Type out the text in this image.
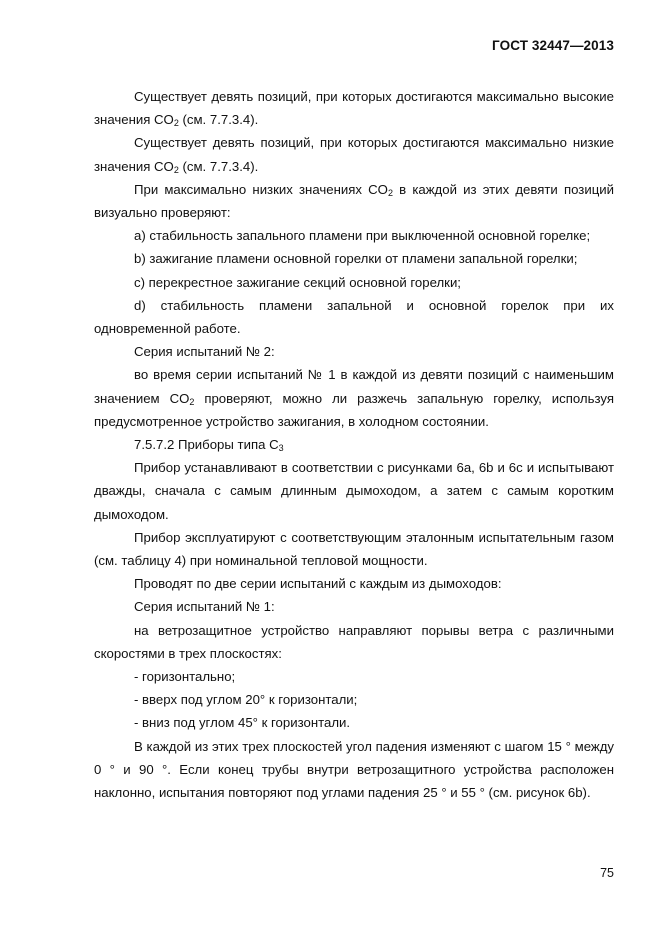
ГОСТ 32447—2013

Существует девять позиций, при которых достигаются максимально высокие значения $CO_2$ (см. 7.7.3.4).

Существует девять позиций, при которых достигаются максимально низкие значения $CO_2$ (см. 7.7.3.4).

При максимально низких значениях $CO_2$ в каждой из этих девяти позиций визуально проверяют:

a) стабильность запального пламени при выключенной основной горелке;

b) зажигание пламени основной горелки от пламени запальной горелки;

c) перекрестное зажигание секций основной горелки;

d) стабильность пламени запальной и основной горелок при их одновременной работе.

Серия испытаний № 2:

во время серии испытаний № 1 в каждой из девяти позиций с наименьшим значением $CO_2$ проверяют, можно ли разжечь запальную горелку, используя предусмотренное устройство зажигания, в холодном состоянии.

7.5.7.2 Приборы типа $C_3$

Прибор устанавливают в соответствии с рисунками 6a, 6b и 6c и испытывают дважды, сначала с самым длинным дымоходом, а затем с самым коротким дымоходом.

Прибор эксплуатируют с соответствующим эталонным испытательным газом (см. таблицу 4) при номинальной тепловой мощности.

Проводят по две серии испытаний с каждым из дымоходов:

Серия испытаний № 1:

на ветрозащитное устройство направляют порывы ветра с различными скоростями в трех плоскостях:

- горизонтально;

- вверх под углом 20° к горизонтали;

- вниз под углом 45° к горизонтали.

В каждой из этих трех плоскостей угол падения изменяют с шагом 15 ° между 0 ° и 90 °. Если конец трубы внутри ветрозащитного устройства расположен наклонно, испытания повторяют под углами падения 25 ° и 55 ° (см. рисунок 6b).

75
